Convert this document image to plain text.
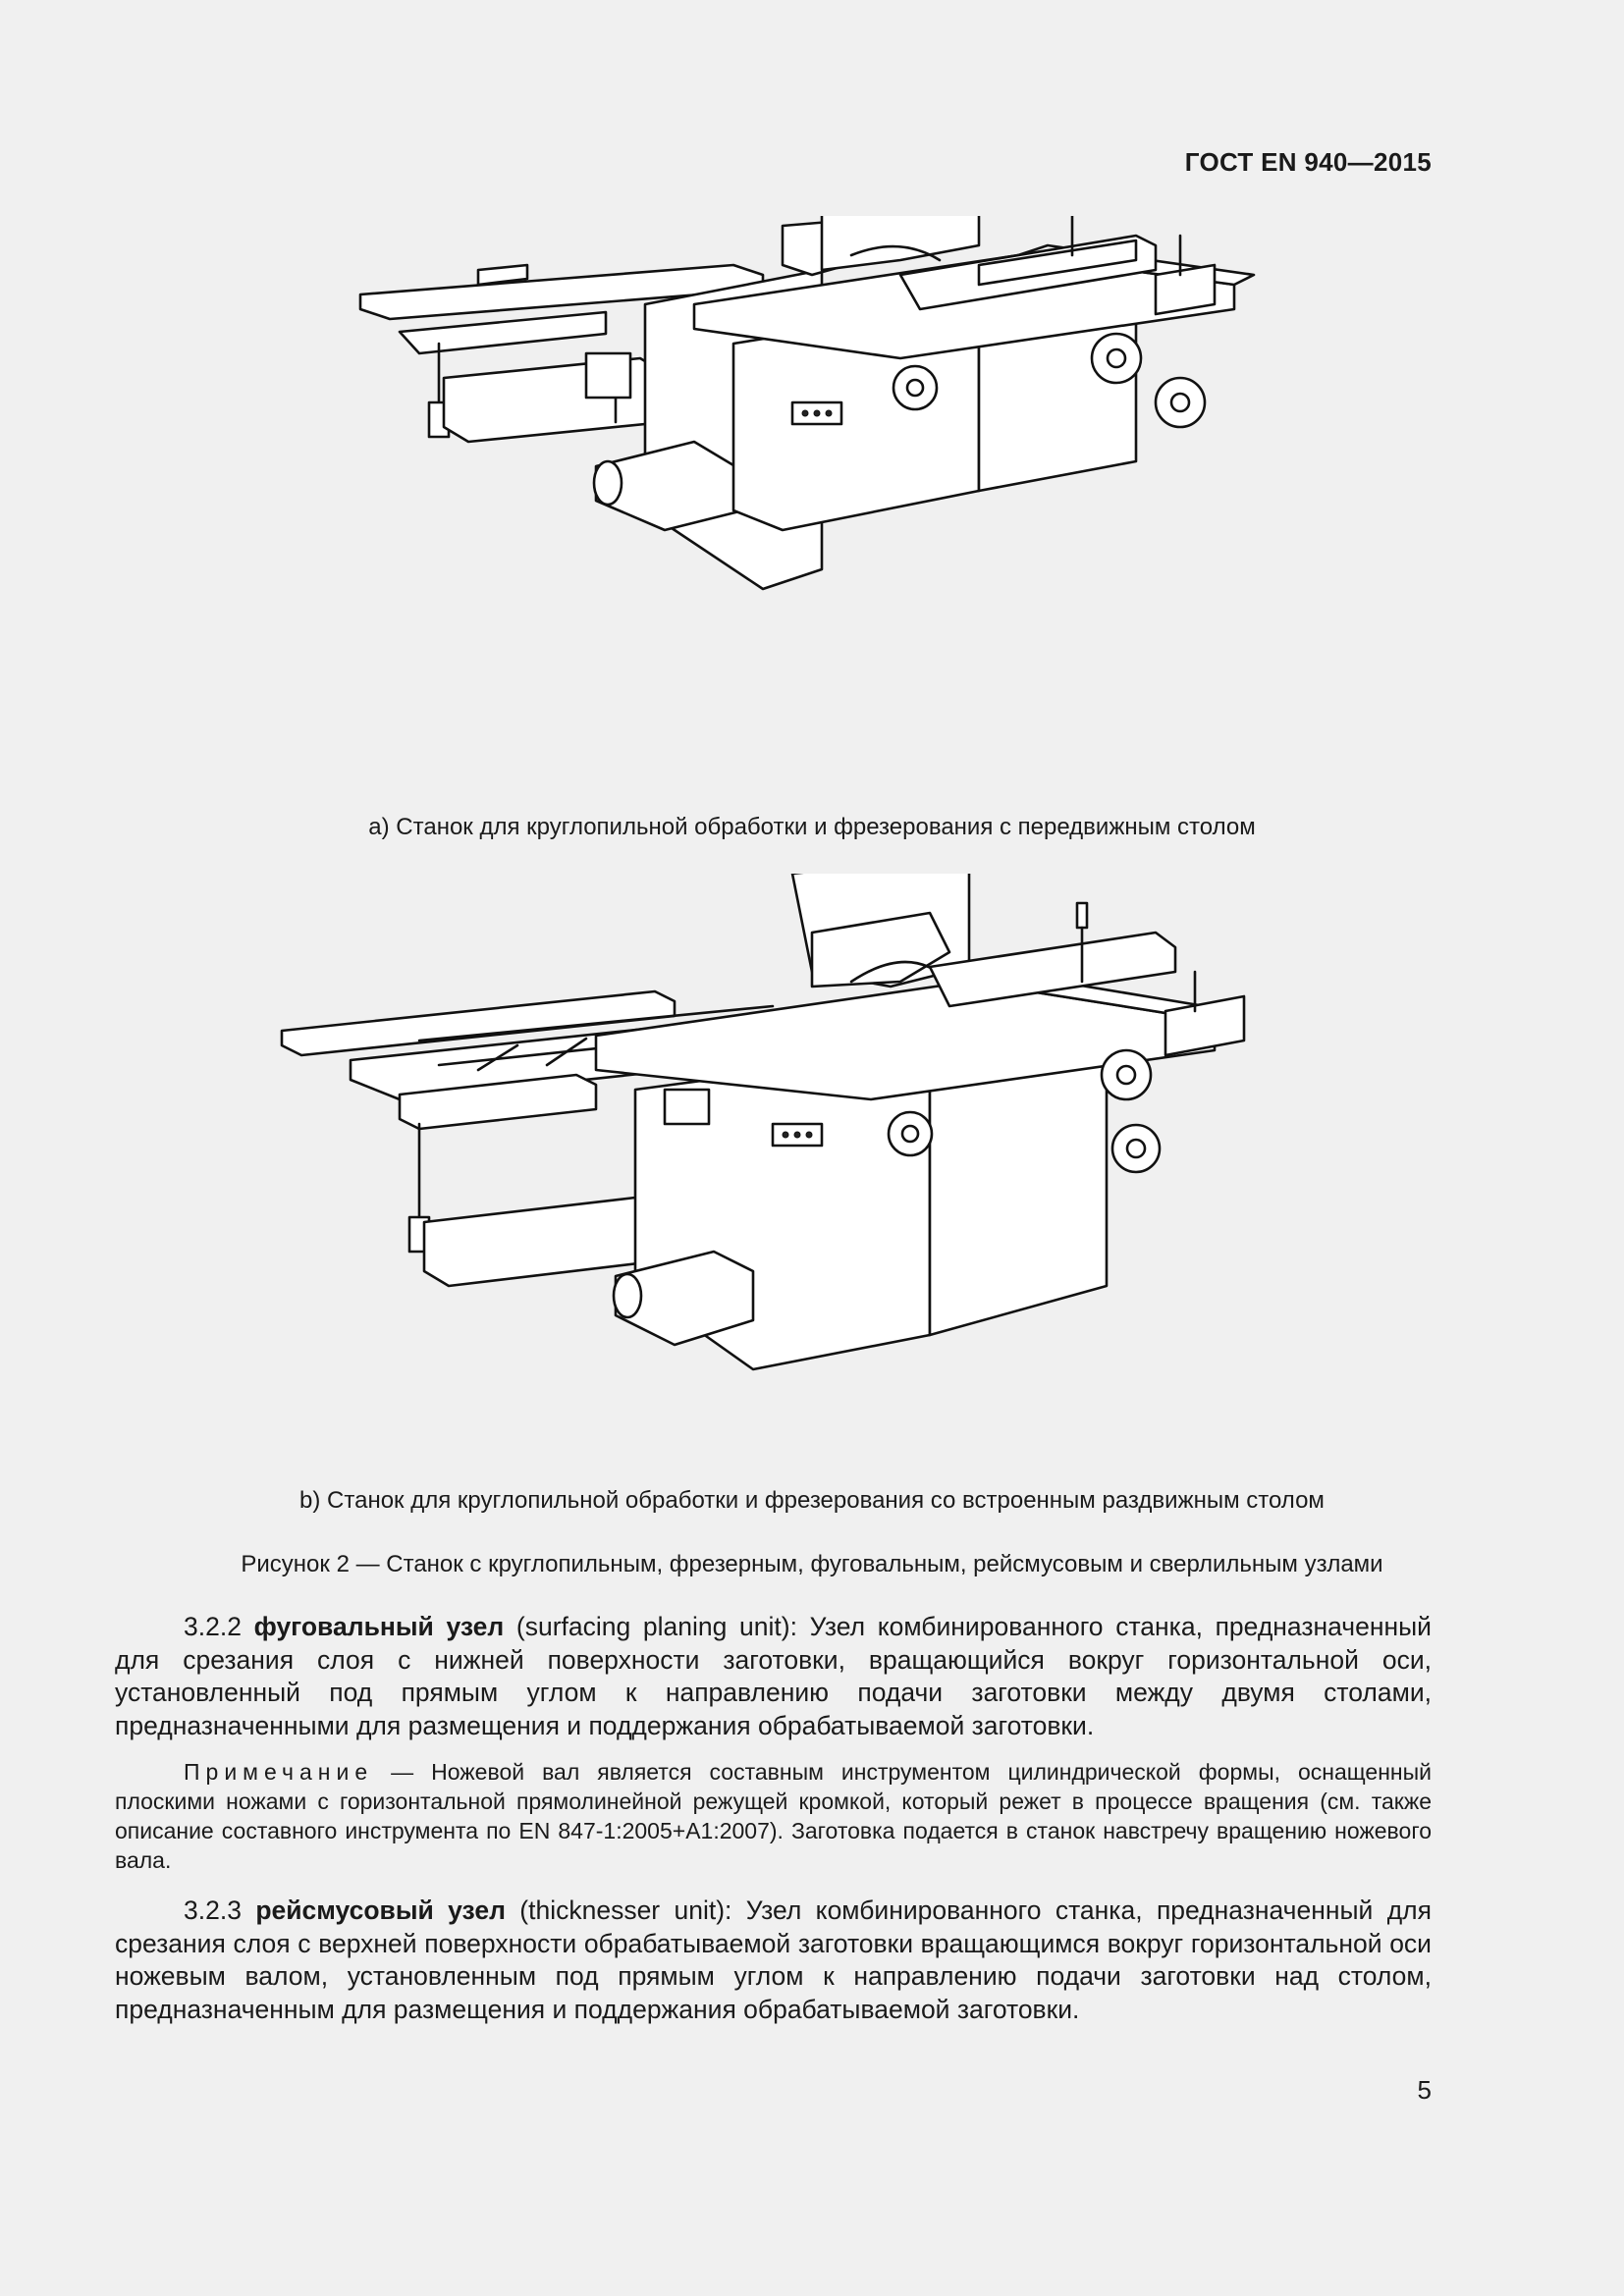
ГОСТ EN 940—2015
a) Станок для круглопильной обработки и фрезерования с передвижным столом
b) Станок для круглопильной обработки и фрезерования со встроенным раздвижным столом
Рисунок 2 — Станок с круглопильным, фрезерным, фуговальным, рейсмусовым и сверлильным узлами

3.2.2 фуговальный узел (surfacing planing unit): Узел комбинированного станка, предназначенный для срезания слоя с нижней поверхности заготовки, вращающийся вокруг горизонтальной оси, установленный под прямым углом к направлению подачи заготовки между двумя столами, предназначенными для размещения и поддержания обрабатываемой заготовки.

Примечание — Ножевой вал является составным инструментом цилиндрической формы, оснащенный плоскими ножами с горизонтальной прямолинейной режущей кромкой, который режет в процессе вращения (см. также описание составного инструмента по EN 847-1:2005+A1:2007). Заготовка подается в станок навстречу вращению ножевого вала.

3.2.3 рейсмусовый узел (thicknesser unit): Узел комбинированного станка, предназначенный для срезания слоя с верхней поверхности обрабатываемой заготовки вращающимся вокруг горизонтальной оси ножевым валом, установленным под прямым углом к направлению подачи заготовки над столом, предназначенным для размещения и поддержания обрабатываемой заготовки.

5
